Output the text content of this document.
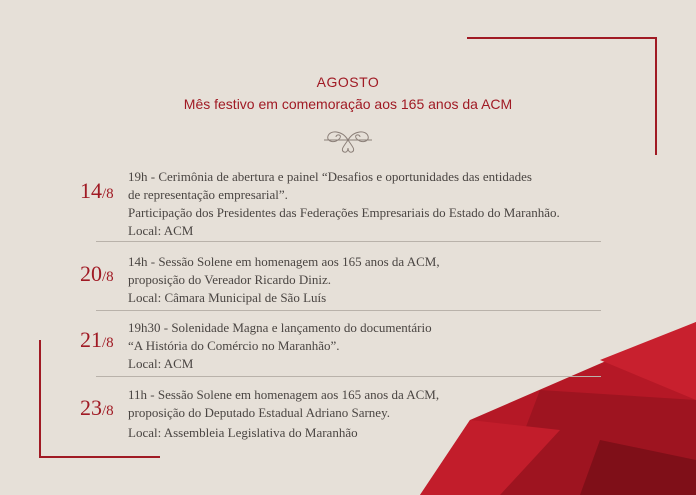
AGOSTO
Mês festivo em comemoração aos 165 anos da ACM
14/8
19h - Cerimônia de abertura e painel “Desafios e oportunidades das entidades
de representação empresarial”.
Participação dos Presidentes das Federações Empresariais do Estado do Maranhão.
Local: ACM
20/8
14h - Sessão Solene em homenagem aos 165 anos da ACM,
proposição do Vereador Ricardo Diniz.
Local: Câmara Municipal de São Luís
21/8
19h30 - Solenidade Magna e lançamento do documentário
“A História do Comércio no Maranhão”.
Local: ACM
23/8
11h - Sessão Solene em homenagem aos 165 anos da ACM,
proposição do Deputado Estadual Adriano Sarney.
Local: Assembleia Legislativa do Maranhão
